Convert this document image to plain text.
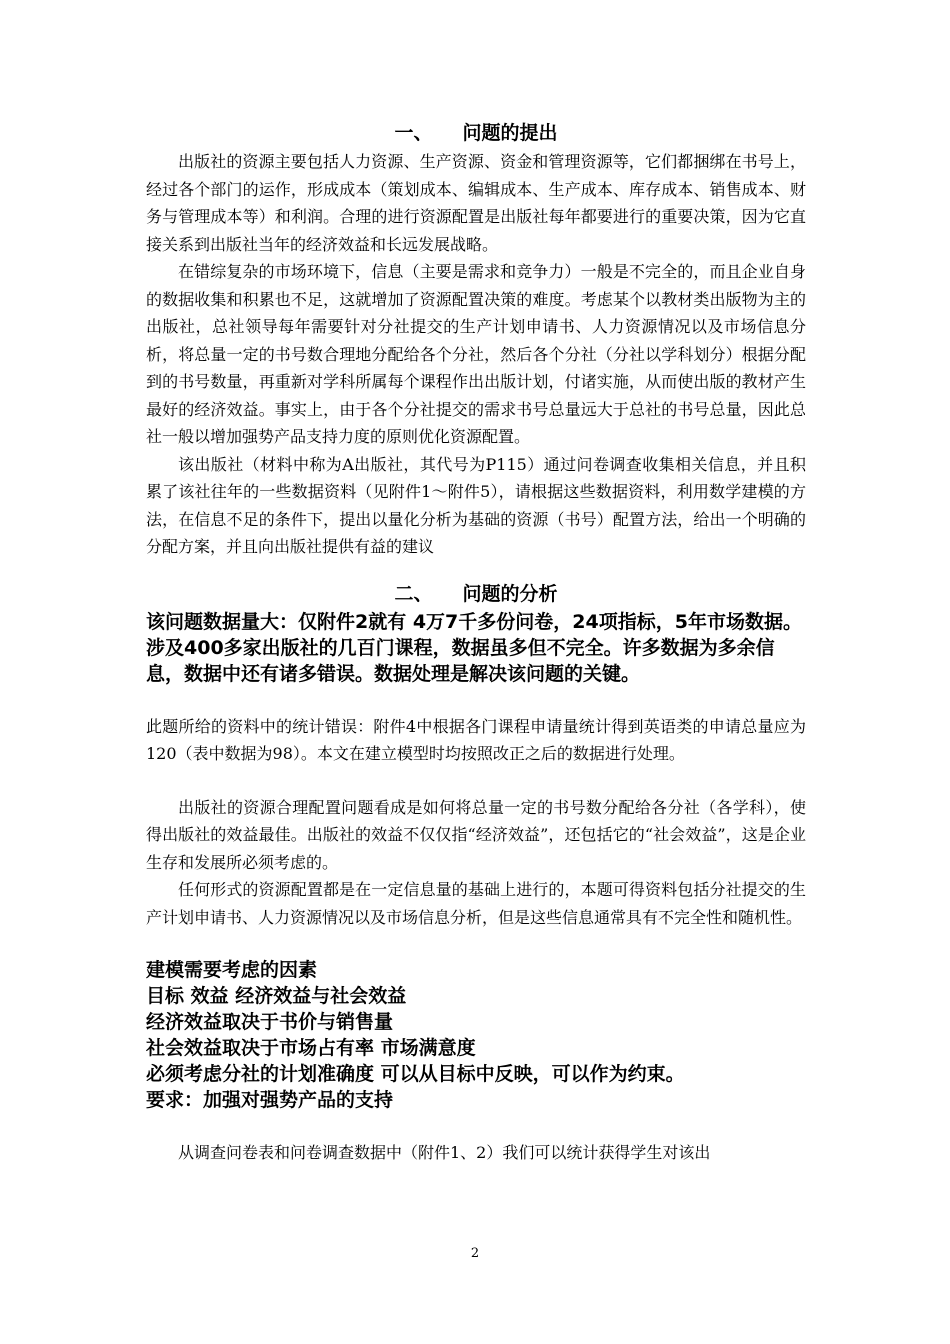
一、 问题的提出

出版社的资源主要包括人力资源、生产资源、资金和管理资源等，它们都捆绑在书号上，经过各个部门的运作，形成成本（策划成本、编辑成本、生产成本、库存成本、销售成本、财务与管理成本等）和利润。合理的进行资源配置是出版社每年都要进行的重要决策，因为它直接关系到出版社当年的经济效益和长远发展战略。

在错综复杂的市场环境下，信息（主要是需求和竞争力）一般是不完全的，而且企业自身的数据收集和积累也不足，这就增加了资源配置决策的难度。考虑某个以教材类出版物为主的出版社，总社领导每年需要针对分社提交的生产计划申请书、人力资源情况以及市场信息分析，将总量一定的书号数合理地分配给各个分社，然后各个分社（分社以学科划分）根据分配到的书号数量，再重新对学科所属每个课程作出出版计划，付诸实施，从而使出版的教材产生最好的经济效益。事实上，由于各个分社提交的需求书号总量远大于总社的书号总量，因此总社一般以增加强势产品支持力度的原则优化资源配置。

该出版社（材料中称为A出版社，其代号为P115）通过问卷调查收集相关信息，并且积累了该社往年的一些数据资料（见附件1～附件5），请根据这些数据资料，利用数学建模的方法，在信息不足的条件下，提出以量化分析为基础的资源（书号）配置方法，给出一个明确的分配方案，并且向出版社提供有益的建议

二、 问题的分析

该问题数据量大：仅附件2就有 4万7千多份问卷，24项指标，5年市场数据。

涉及400多家出版社的几百门课程，数据虽多但不完全。许多数据为多余信息，数据中还有诸多错误。数据处理是解决该问题的关键。

此题所给的资料中的统计错误：附件4中根据各门课程申请量统计得到英语类的申请总量应为120（表中数据为98）。本文在建立模型时均按照改正之后的数据进行处理。

出版社的资源合理配置问题看成是如何将总量一定的书号数分配给各分社（各学科），使得出版社的效益最佳。出版社的效益不仅仅指“经济效益”，还包括它的“社会效益”，这是企业生存和发展所必须考虑的。

任何形式的资源配置都是在一定信息量的基础上进行的，本题可得资料包括分社提交的生产计划申请书、人力资源情况以及市场信息分析，但是这些信息通常具有不完全性和随机性。

建模需要考虑的因素

目标 效益 经济效益与社会效益

经济效益取决于书价与销售量

社会效益取决于市场占有率 市场满意度

必须考虑分社的计划准确度 可以从目标中反映，可以作为约束。

要求：加强对强势产品的支持

从调查问卷表和问卷调查数据中（附件1、2）我们可以统计获得学生对该出

2
